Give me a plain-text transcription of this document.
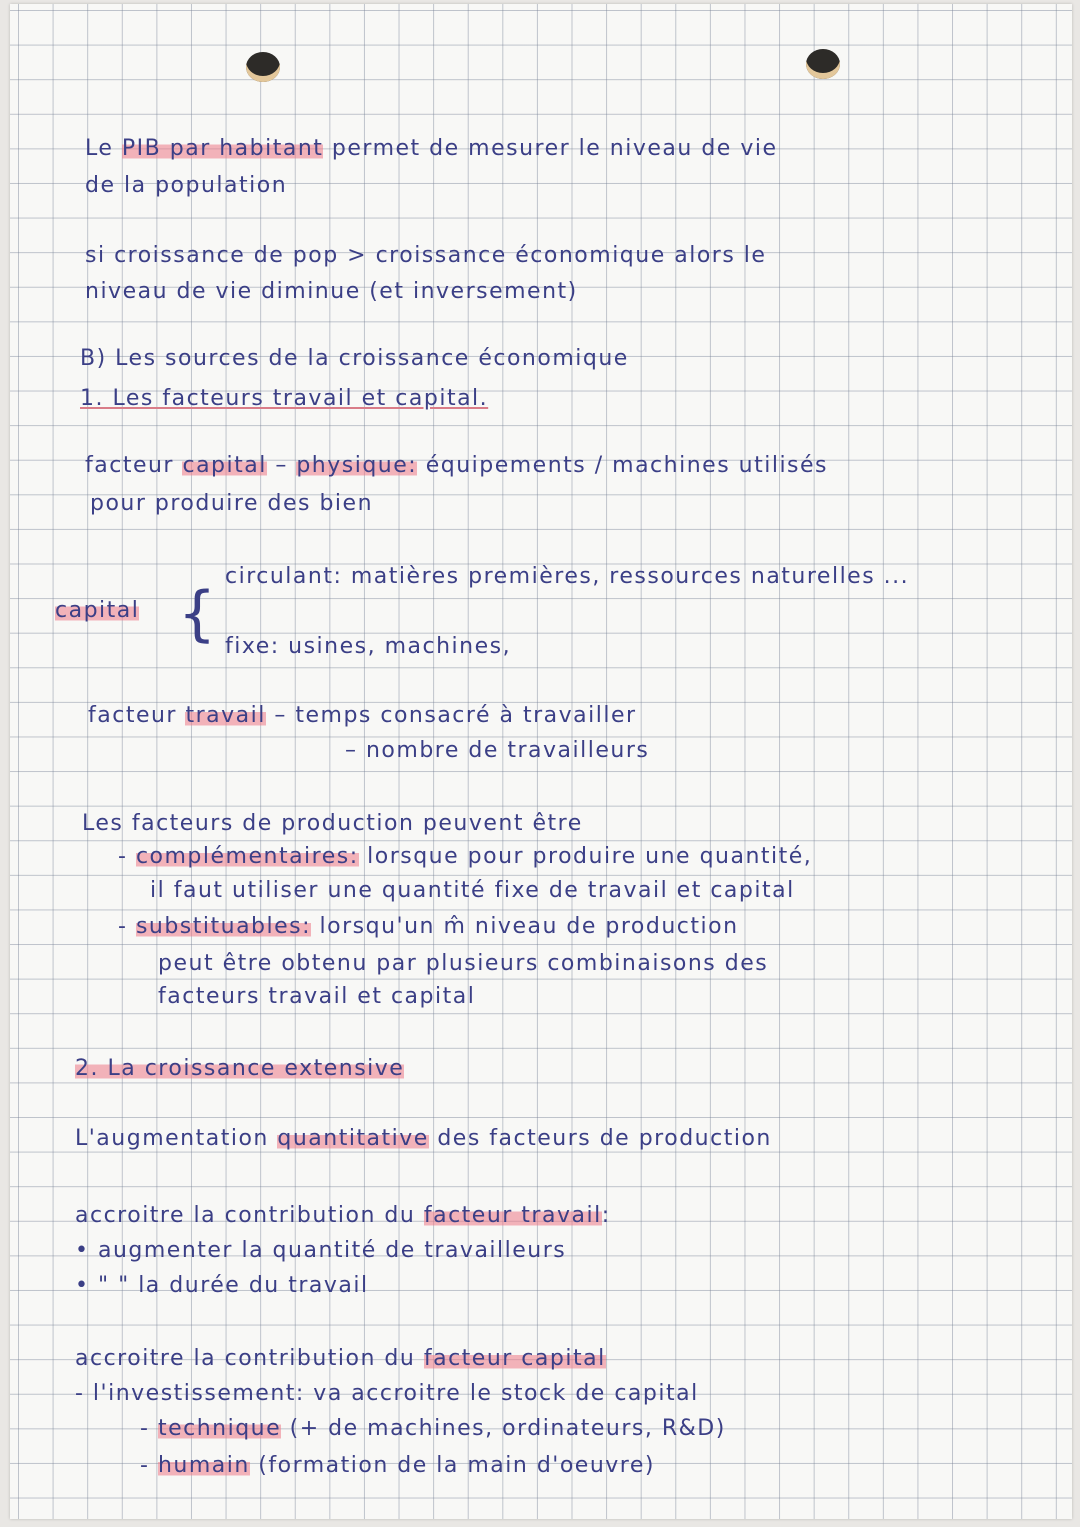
Le PIB par habitant permet de mesurer le niveau de vie
de la population
si croissance de pop > croissance économique alors le
niveau de vie diminue (et inversement)
B) Les sources de la croissance économique
1. Les facteurs travail et capital.
facteur capital – physique: équipements / machines utilisés
pour produire des bien
circulant: matières premières, ressources naturelles ...
capital
fixe: usines, machines,
facteur travail – temps consacré à travailler
– nombre de travailleurs
Les facteurs de production peuvent être
- complémentaires: lorsque pour produire une quantité,
il faut utiliser une quantité fixe de travail et capital
- substituables: lorsqu'un m̂ niveau de production
peut être obtenu par plusieurs combinaisons des
facteurs travail et capital
2. La croissance extensive
L'augmentation quantitative des facteurs de production
accroitre la contribution du facteur travail:
• augmenter la quantité de travailleurs
• " " la durée du travail
accroitre la contribution du facteur capital
- l'investissement: va accroitre le stock de capital
- technique (+ de machines, ordinateurs, R&D)
- humain (formation de la main d'oeuvre)
{
